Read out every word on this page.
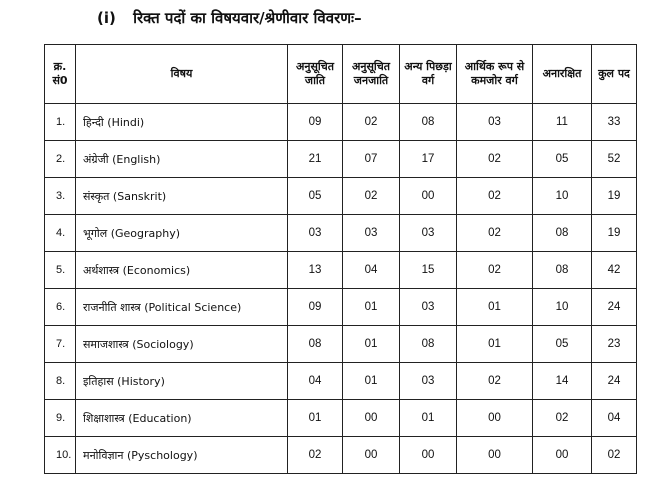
(i) रिक्त पदों का विषयवार/श्रेणीवार विवरणः–
क्र. सं0	विषय	अनुसूचित जाति	अनुसूचित जनजाति	अन्य पिछड़ा वर्ग	आर्थिक रूप से कमजोर वर्ग	अनारक्षित	कुल पद
1.	हिन्दी (Hindi)	09	02	08	03	11	33
2.	अंग्रेजी (English)	21	07	17	02	05	52
3.	संस्कृत (Sanskrit)	05	02	00	02	10	19
4.	भूगोल (Geography)	03	03	03	02	08	19
5.	अर्थशास्त्र (Economics)	13	04	15	02	08	42
6.	राजनीति शास्त्र (Political Science)	09	01	03	01	10	24
7.	समाजशास्त्र (Sociology)	08	01	08	01	05	23
8.	इतिहास (History)	04	01	03	02	14	24
9.	शिक्षाशास्त्र (Education)	01	00	01	00	02	04
10.	मनोविज्ञान (Pyschology)	02	00	00	00	00	02
